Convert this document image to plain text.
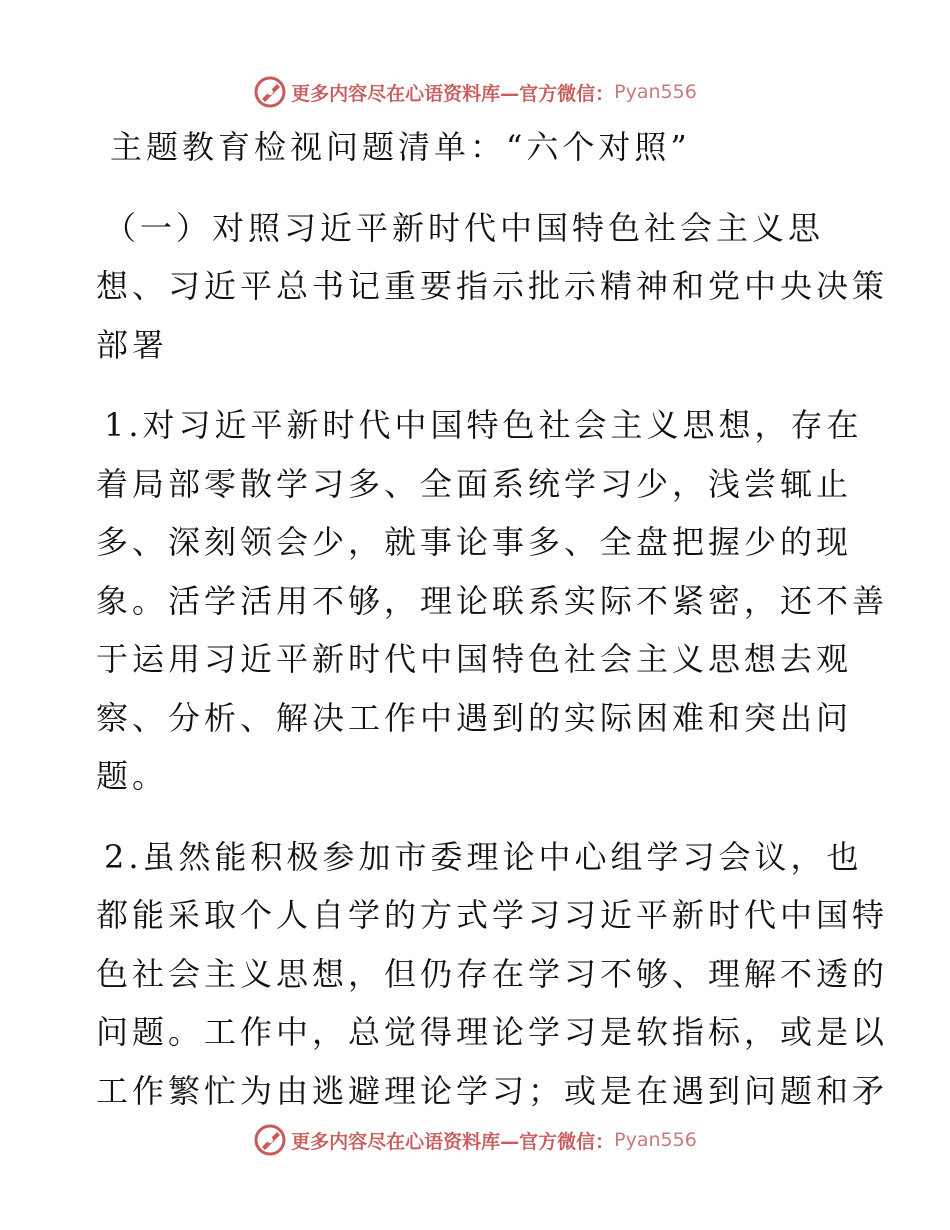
更多内容尽在心语资料库—官方微信： Pyan556
主题教育检视问题清单：“六个对照”
（一）对照习近平新时代中国特色社会主义思
想、习近平总书记重要指示批示精神和党中央决策
部署
1.对习近平新时代中国特色社会主义思想，存在
着局部零散学习多、全面系统学习少，浅尝辄止
多、深刻领会少，就事论事多、全盘把握少的现
象。活学活用不够，理论联系实际不紧密，还不善
于运用习近平新时代中国特色社会主义思想去观
察、分析、解决工作中遇到的实际困难和突出问
题。
2.虽然能积极参加市委理论中心组学习会议，也
都能采取个人自学的方式学习习近平新时代中国特
色社会主义思想，但仍存在学习不够、理解不透的
问题。工作中，总觉得理论学习是软指标，或是以
工作繁忙为由逃避理论学习；或是在遇到问题和矛
更多内容尽在心语资料库—官方微信： Pyan556
